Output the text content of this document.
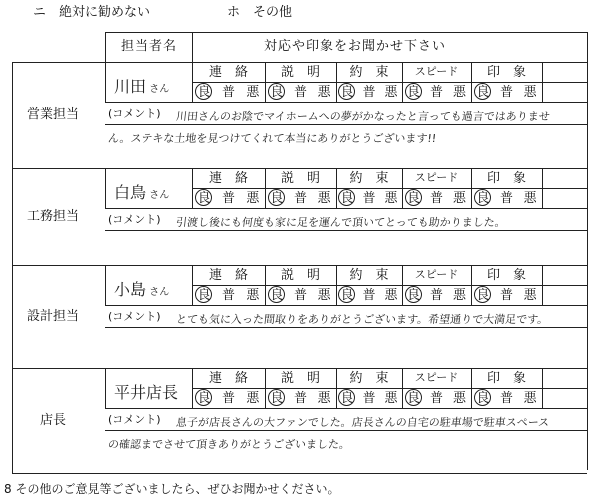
ニ　絶対に勧めない	ホ　その他
担当者名	対応や印象をお聞かせ下さい
8 その他のご意見等ございましたら、ぜひお聞かせください。
営業担当
川田 さん
連　絡
良 普 悪
説　明
良 普 悪
約　束
良 普 悪
スピード
良 普 悪
印　象
良 普 悪
(コメント) 川田さんのお陰でマイホームへの夢がかなったと言っても過言ではありませ
ん。ステキな土地を見つけてくれて本当にありがとうございます!!
工務担当
白鳥 さん
連　絡
良 普 悪
説　明
良 普 悪
約　束
良 普 悪
スピード
良 普 悪
印　象
良 普 悪
(コメント) 引渡し後にも何度も家に足を運んで頂いてとっても助かりました。
設計担当
小島 さん
連　絡
良 普 悪
説　明
良 普 悪
約　束
良 普 悪
スピード
良 普 悪
印　象
良 普 悪
(コメント) とても気に入った間取りをありがとうございます。希望通りで大満足です。
店長
平井店長
連　絡
良 普 悪
説　明
良 普 悪
約　束
良 普 悪
スピード
良 普 悪
印　象
良 普 悪
(コメント) 息子が店長さんの大ファンでした。店長さんの自宅の駐車場で駐車スペース
の確認までさせて頂きありがとうございました。
